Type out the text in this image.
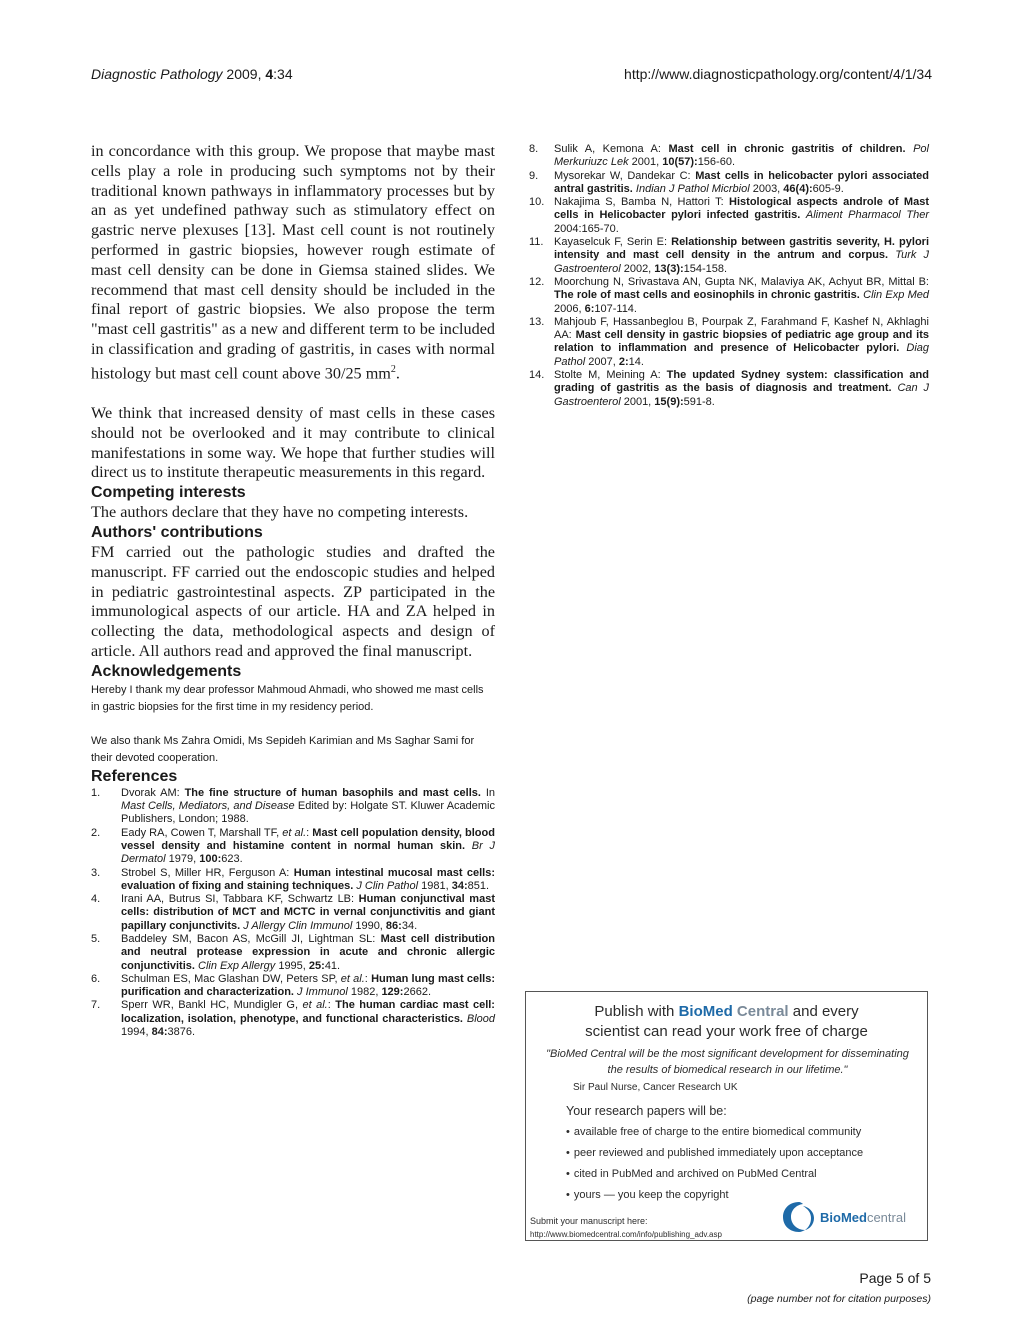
Diagnostic Pathology 2009, 4:34	http://www.diagnosticpathology.org/content/4/1/34

in concordance with this group. We propose that maybe mast cells play a role in producing such symptoms not by their traditional known pathways in inflammatory processes but by an as yet undefined pathway such as stimulatory effect on gastric nerve plexuses [13]. Mast cell count is not routinely performed in gastric biopsies, however rough estimate of mast cell density can be done in Giemsa stained slides. We recommend that mast cell density should be included in the final report of gastric biopsies. We also propose the term "mast cell gastritis" as a new and different term to be included in classification and grading of gastritis, in cases with normal histology but mast cell count above 30/25 $mm^2$.

We think that increased density of mast cells in these cases should not be overlooked and it may contribute to clinical manifestations in some way. We hope that further studies will direct us to institute therapeutic measurements in this regard.

Competing interests

The authors declare that they have no competing interests.

Authors' contributions

FM carried out the pathologic studies and drafted the manuscript. FF carried out the endoscopic studies and helped in pediatric gastrointestinal aspects. ZP participated in the immunological aspects of our article. HA and ZA helped in collecting the data, methodological aspects and design of article. All authors read and approved the final manuscript.

Acknowledgements

Hereby I thank my dear professor Mahmoud Ahmadi, who showed me mast cells in gastric biopsies for the first time in my residency period.

We also thank Ms Zahra Omidi, Ms Sepideh Karimian and Ms Saghar Sami for their devoted cooperation.

References
1. Dvorak AM: The fine structure of human basophils and mast cells. In Mast Cells, Mediators, and Disease Edited by: Holgate ST. Kluwer Academic Publishers, London; 1988.
2. Eady RA, Cowen T, Marshall TF, et al.: Mast cell population density, blood vessel density and histamine content in normal human skin. Br J Dermatol 1979, 100:623.
3. Strobel S, Miller HR, Ferguson A: Human intestinal mucosal mast cells: evaluation of fixing and staining techniques. J Clin Pathol 1981, 34:851.
4. Irani AA, Butrus SI, Tabbara KF, Schwartz LB: Human conjunctival mast cells: distribution of MCT and MCTC in vernal conjunctivitis and giant papillary conjunctivits. J Allergy Clin Immunol 1990, 86:34.
5. Baddeley SM, Bacon AS, McGill JI, Lightman SL: Mast cell distribution and neutral protease expression in acute and chronic allergic conjunctivitis. Clin Exp Allergy 1995, 25:41.
6. Schulman ES, Mac Glashan DW, Peters SP, et al.: Human lung mast cells: purification and characterization. J Immunol 1982, 129:2662.
7. Sperr WR, Bankl HC, Mundigler G, et al.: The human cardiac mast cell: localization, isolation, phenotype, and functional characteristics. Blood 1994, 84:3876.
8. Sulik A, Kemona A: Mast cell in chronic gastritis of children. Pol Merkuriuzc Lek 2001, 10(57):156-60.
9. Mysorekar W, Dandekar C: Mast cells in helicobacter pylori associated antral gastritis. Indian J Pathol Micrbiol 2003, 46(4):605-9.
10. Nakajima S, Bamba N, Hattori T: Histological aspects androle of Mast cells in Helicobacter pylori infected gastritis. Aliment Pharmacol Ther 2004:165-70.
11. Kayaselcuk F, Serin E: Relationship between gastritis severity, H. pylori intensity and mast cell density in the antrum and corpus. Turk J Gastroenterol 2002, 13(3):154-158.
12. Moorchung N, Srivastava AN, Gupta NK, Malaviya AK, Achyut BR, Mittal B: The role of mast cells and eosinophils in chronic gastritis. Clin Exp Med 2006, 6:107-114.
13. Mahjoub F, Hassanbeglou B, Pourpak Z, Farahmand F, Kashef N, Akhlaghi AA: Mast cell density in gastric biopsies of pediatric age group and its relation to inflammation and presence of Helicobacter pylori. Diag Pathol 2007, 2:14.
14. Stolte M, Meining A: The updated Sydney system: classification and grading of gastritis as the basis of diagnosis and treatment. Can J Gastroenterol 2001, 15(9):591-8.
Publish with BioMed Central and every
scientist can read your work free of charge
"BioMed Central will be the most significant development for disseminating the results of biomedical research in our lifetime."
Sir Paul Nurse, Cancer Research UK
Your research papers will be:
• available free of charge to the entire biomedical community
• peer reviewed and published immediately upon acceptance
• cited in PubMed and archived on PubMed Central
• yours — you keep the copyright
Submit your manuscript here:
http://www.biomedcentral.com/info/publishing_adv.asp
BioMedcentral
Page 5 of 5
(page number not for citation purposes)
